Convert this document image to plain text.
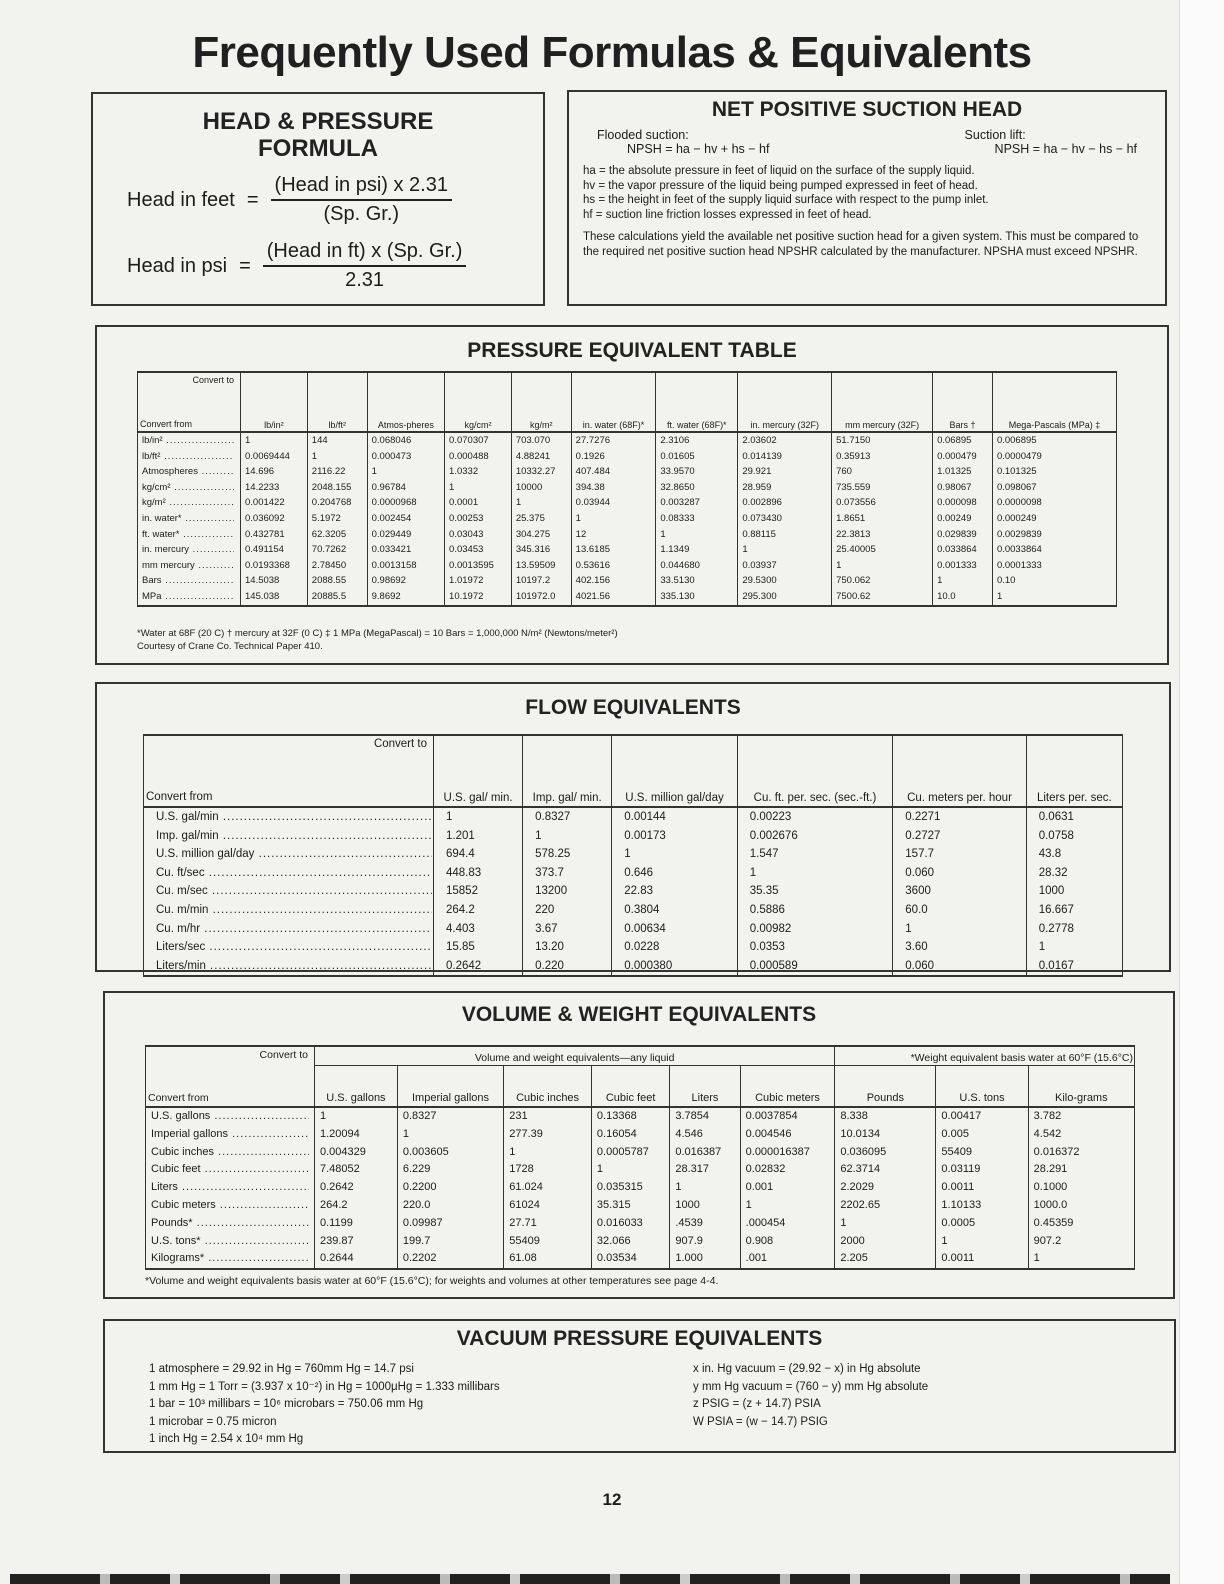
Frequently Used Formulas & Equivalents
HEAD & PRESSURE
FORMULA
Head in feet = $\frac{\text{(Head in psi) x 2.31}}{(Sp. Gr.)}$
Head in psi = $\frac{\text{(Head in ft) x (Sp. Gr.)}}{2.31}$
NET POSITIVE SUCTION HEAD
Flooded suction:
NPSH = ha − hv + hs − hf
Suction lift:
NPSH = ha − hv − hs − hf
ha = the absolute pressure in feet of liquid on the surface of the supply liquid.
hv = the vapor pressure of the liquid being pumped expressed in feet of head.
hs = the height in feet of the supply liquid surface with respect to the pump inlet.
hf = suction line friction losses expressed in feet of head.
These calculations yield the available net positive suction head for a given system. This must be compared to the required net positive suction head NPSHR calculated by the manufacturer. NPSHA must exceed NPSHR.
PRESSURE EQUIVALENT TABLE
Convert to
Convert from	lb/in²	lb/ft²	Atmos-pheres	kg/cm²	kg/m²	in. water (68F)*	ft. water (68F)*	in. mercury (32F)	mm mercury (32F)	Bars †	Mega-Pascals (MPa) ‡

lb/in² .....	1	144	0.068046	0.070307	703.070	27.7276	2.3106	2.03602	51.7150	0.06895	0.006895

lb/ft² .....	0.0069444	1	0.000473	0.000488	4.88241	0.1926	0.01605	0.014139	0.35913	0.000479	0.0000479

Atmospheres .....	14.696	2116.22	1	1.0332	10332.27	407.484	33.9570	29.921	760	1.01325	0.101325

kg/cm² .....	14.2233	2048.155	0.96784	1	10000	394.38	32.8650	28.959	735.559	0.98067	0.098067

kg/m² .....	0.001422	0.204768	0.0000968	0.0001	1	0.03944	0.003287	0.002896	0.073556	0.000098	0.0000098

in. water* .....	0.036092	5.1972	0.002454	0.00253	25.375	1	0.08333	0.073430	1.8651	0.00249	0.000249

ft. water* .....	0.432781	62.3205	0.029449	0.03043	304.275	12	1	0.88115	22.3813	0.029839	0.0029839

in. mercury .....	0.491154	70.7262	0.033421	0.03453	345.316	13.6185	1.1349	1	25.40005	0.033864	0.0033864

mm mercury .....	0.0193368	2.78450	0.0013158	0.0013595	13.59509	0.53616	0.044680	0.03937	1	0.001333	0.0001333

Bars .....	14.5038	2088.55	0.98692	1.01972	10197.2	402.156	33.5130	29.5300	750.062	1	0.10

MPa .....	145.038	20885.5	9.8692	10.1972	101972.0	4021.56	335.130	295.300	7500.62	10.0	1
*Water at 68F (20 C) † mercury at 32F (0 C) ‡ 1 MPa (MegaPascal) = 10 Bars = 1,000,000 N/m² (Newtons/meter²)
Courtesy of Crane Co. Technical Paper 410.
FLOW EQUIVALENTS
Convert to
Convert from	U.S. gal/ min.	Imp. gal/ min.	U.S. million gal/day	Cu. ft. per. sec. (sec.-ft.)	Cu. meters per. hour	Liters per. sec.

U.S. gal/min .....	1	0.8327	0.00144	0.00223	0.2271	0.0631

Imp. gal/min .....	1.201	1	0.00173	0.002676	0.2727	0.0758

U.S. million gal/day .....	694.4	578.25	1	1.547	157.7	43.8

Cu. ft/sec .....	448.83	373.7	0.646	1	0.060	28.32

Cu. m/sec .....	15852	13200	22.83	35.35	3600	1000

Cu. m/min .....	264.2	220	0.3804	0.5886	60.0	16.667

Cu. m/hr .....	4.403	3.67	0.00634	0.00982	1	0.2778

Liters/sec .....	15.85	13.20	0.0228	0.0353	3.60	1

Liters/min .....	0.2642	0.220	0.000380	0.000589	0.060	0.0167
VOLUME & WEIGHT EQUIVALENTS
Convert to
Convert from	Volume and weight equivalents—any liquid						*Weight equivalent basis water at 60°F (15.6°C)		
	U.S. gallons	Imperial gallons	Cubic inches	Cubic feet	Liters	Cubic meters	Pounds	U.S. tons	Kilo-grams

U.S. gallons .....	1	0.8327	231	0.13368	3.7854	0.0037854	8.338	0.00417	3.782

Imperial gallons .....	1.20094	1	277.39	0.16054	4.546	0.004546	10.0134	0.005	4.542

Cubic inches .....	0.004329	0.003605	1	0.0005787	0.016387	0.000016387	0.036095	55409	0.016372

Cubic feet .....	7.48052	6.229	1728	1	28.317	0.02832	62.3714	0.03119	28.291

Liters .....	0.2642	0.2200	61.024	0.035315	1	0.001	2.2029	0.0011	0.1000

Cubic meters .....	264.2	220.0	61024	35.315	1000	1	2202.65	1.10133	1000.0

Pounds* .....	0.1199	0.09987	27.71	0.016033	.4539	.000454	1	0.0005	0.45359

U.S. tons* .....	239.87	199.7	55409	32.066	907.9	0.908	2000	1	907.2

Kilograms* .....	0.2644	0.2202	61.08	0.03534	1.000	.001	2.205	0.0011	1
*Volume and weight equivalents basis water at 60°F (15.6°C); for weights and volumes at other temperatures see page 4-4.
VACUUM PRESSURE EQUIVALENTS
1 atmosphere = 29.92 in Hg = 760mm Hg = 14.7 psi
1 mm Hg = 1 Torr = (3.937 x 10⁻²) in Hg = 1000μHg = 1.333 millibars
1 bar = 10³ millibars = 10⁶ microbars = 750.06 mm Hg
1 microbar = 0.75 micron
1 inch Hg = 2.54 x 10⁴ mm Hg
x in. Hg vacuum = (29.92 − x) in Hg absolute
y mm Hg vacuum = (760 − y) mm Hg absolute
z PSIG = (z + 14.7) PSIA
W PSIA = (w − 14.7) PSIG
12
